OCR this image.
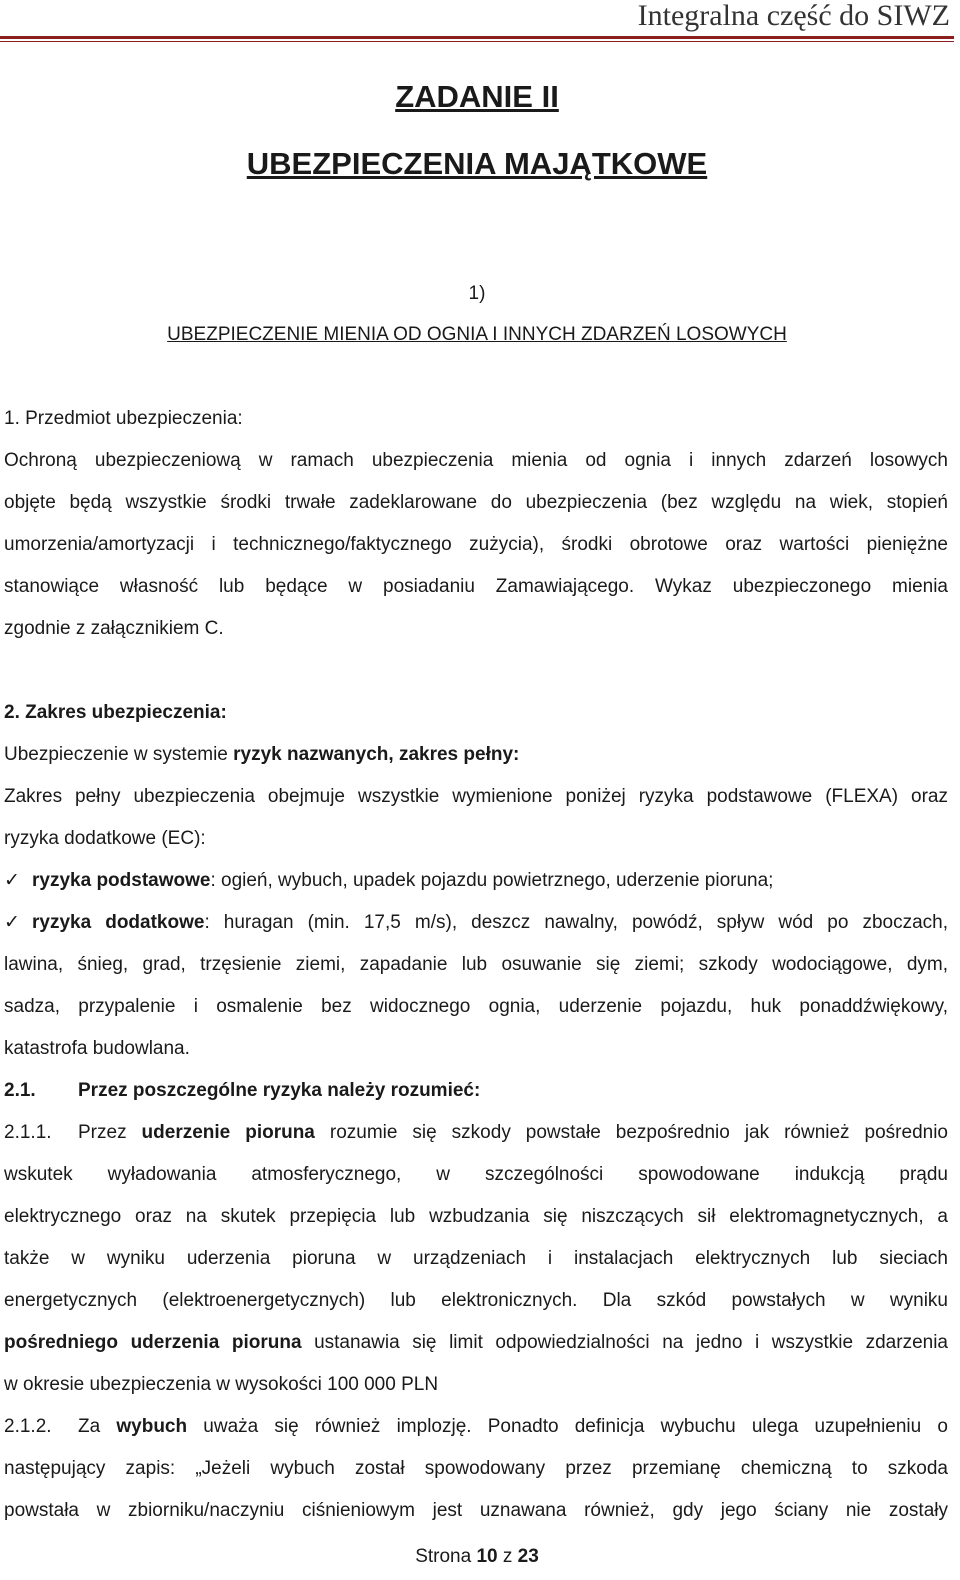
Integralna część do SIWZ
ZADANIE II
UBEZPIECZENIA MAJĄTKOWE
1)
UBEZPIECZENIE MIENIA OD OGNIA I INNYCH ZDARZEŃ LOSOWYCH
1. Przedmiot ubezpieczenia:
Ochroną ubezpieczeniową w ramach ubezpieczenia mienia od ognia i innych zdarzeń losowych
objęte będą wszystkie środki trwałe zadeklarowane do ubezpieczenia (bez względu na wiek, stopień
umorzenia/amortyzacji i technicznego/faktycznego zużycia), środki obrotowe oraz wartości pieniężne
stanowiące własność lub będące w posiadaniu Zamawiającego. Wykaz ubezpieczonego mienia
zgodnie z załącznikiem C.
2. Zakres ubezpieczenia:
Ubezpieczenie w systemie ryzyk nazwanych, zakres pełny:
Zakres pełny ubezpieczenia obejmuje wszystkie wymienione poniżej ryzyka podstawowe (FLEXA) oraz
ryzyka dodatkowe (EC):
✓ ryzyka podstawowe: ogień, wybuch, upadek pojazdu powietrznego, uderzenie pioruna;
✓ ryzyka dodatkowe: huragan (min. 17,5 m/s), deszcz nawalny, powódź, spływ wód po zboczach,
lawina, śnieg, grad, trzęsienie ziemi, zapadanie lub osuwanie się ziemi; szkody wodociągowe, dym,
sadza, przypalenie i osmalenie bez widocznego ognia, uderzenie pojazdu, huk ponaddźwiękowy,
katastrofa budowlana.
2.1. Przez poszczególne ryzyka należy rozumieć:
2.1.1. Przez uderzenie pioruna rozumie się szkody powstałe bezpośrednio jak również pośrednio
wskutek wyładowania atmosferycznego, w szczególności spowodowane indukcją prądu
elektrycznego oraz na skutek przepięcia lub wzbudzania się niszczących sił elektromagnetycznych, a
także w wyniku uderzenia pioruna w urządzeniach i instalacjach elektrycznych lub sieciach
energetycznych (elektroenergetycznych) lub elektronicznych. Dla szkód powstałych w wyniku
pośredniego uderzenia pioruna ustanawia się limit odpowiedzialności na jedno i wszystkie zdarzenia
w okresie ubezpieczenia w wysokości 100 000 PLN
2.1.2. Za wybuch uważa się również implozję. Ponadto definicja wybuchu ulega uzupełnieniu o
następujący zapis: „Jeżeli wybuch został spowodowany przez przemianę chemiczną to szkoda
powstała w zbiorniku/naczyniu ciśnieniowym jest uznawana również, gdy jego ściany nie zostały
Strona 10 z 23
